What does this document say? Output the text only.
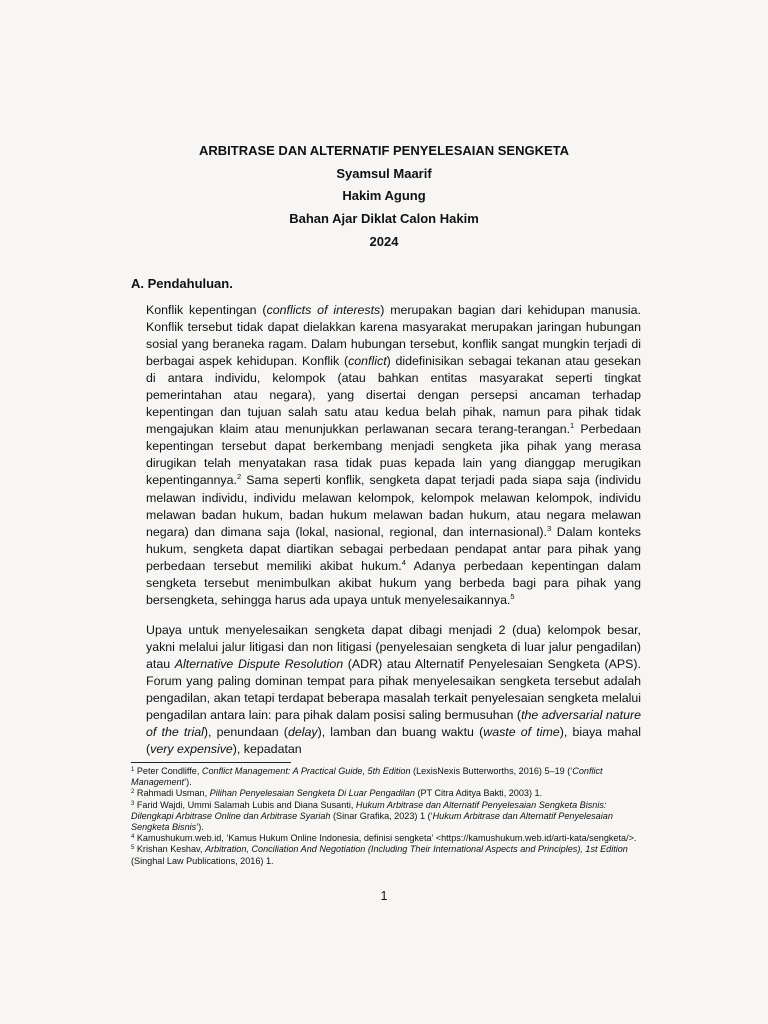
ARBITRASE DAN ALTERNATIF PENYELESAIAN SENGKETA
Syamsul Maarif
Hakim Agung
Bahan Ajar Diklat Calon Hakim
2024
A. Pendahuluan.
Konflik kepentingan (conflicts of interests) merupakan bagian dari kehidupan manusia. Konflik tersebut tidak dapat dielakkan karena masyarakat merupakan jaringan hubungan sosial yang beraneka ragam. Dalam hubungan tersebut, konflik sangat mungkin terjadi di berbagai aspek kehidupan. Konflik (conflict) didefinisikan sebagai tekanan atau gesekan di antara individu, kelompok (atau bahkan entitas masyarakat seperti tingkat pemerintahan atau negara), yang disertai dengan persepsi ancaman terhadap kepentingan dan tujuan salah satu atau kedua belah pihak, namun para pihak tidak mengajukan klaim atau menunjukkan perlawanan secara terang-terangan.$^1$ Perbedaan kepentingan tersebut dapat berkembang menjadi sengketa jika pihak yang merasa dirugikan telah menyatakan rasa tidak puas kepada lain yang dianggap merugikan kepentingannya.$^2$ Sama seperti konflik, sengketa dapat terjadi pada siapa saja (individu melawan individu, individu melawan kelompok, kelompok melawan kelompok, individu melawan badan hukum, badan hukum melawan badan hukum, atau negara melawan negara) dan dimana saja (lokal, nasional, regional, dan internasional).$^3$ Dalam konteks hukum, sengketa dapat diartikan sebagai perbedaan pendapat antar para pihak yang perbedaan tersebut memiliki akibat hukum.$^4$ Adanya perbedaan kepentingan dalam sengketa tersebut menimbulkan akibat hukum yang berbeda bagi para pihak yang bersengketa, sehingga harus ada upaya untuk menyelesaikannya.$^5$
Upaya untuk menyelesaikan sengketa dapat dibagi menjadi 2 (dua) kelompok besar, yakni melalui jalur litigasi dan non litigasi (penyelesaian sengketa di luar jalur pengadilan) atau Alternative Dispute Resolution (ADR) atau Alternatif Penyelesaian Sengketa (APS). Forum yang paling dominan tempat para pihak menyelesaikan sengketa tersebut adalah pengadilan, akan tetapi terdapat beberapa masalah terkait penyelesaian sengketa melalui pengadilan antara lain: para pihak dalam posisi saling bermusuhan (the adversarial nature of the trial), penundaan (delay), lamban dan buang waktu (waste of time), biaya mahal (very expensive), kepadatan
$^1$ Peter Condliffe, Conflict Management: A Practical Guide, 5th Edition (LexisNexis Butterworths, 2016) 5–19 (‘Conflict Management’).
$^2$ Rahmadi Usman, Pilihan Penyelesaian Sengketa Di Luar Pengadilan (PT Citra Aditya Bakti, 2003) 1.
$^3$ Farid Wajdi, Ummi Salamah Lubis and Diana Susanti, Hukum Arbitrase dan Alternatif Penyelesaian Sengketa Bisnis: Dilengkapi Arbitrase Online dan Arbitrase Syariah (Sinar Grafika, 2023) 1 (‘Hukum Arbitrase dan Alternatif Penyelesaian Sengketa Bisnis’).
$^4$ Kamushukum.web.id, ‘Kamus Hukum Online Indonesia, definisi sengketa’ <https://kamushukum.web.id/arti-kata/sengketa/>.
$^5$ Krishan Keshav, Arbitration, Conciliation And Negotiation (Including Their International Aspects and Principles), 1st Edition (Singhal Law Publications, 2016) 1.
1
